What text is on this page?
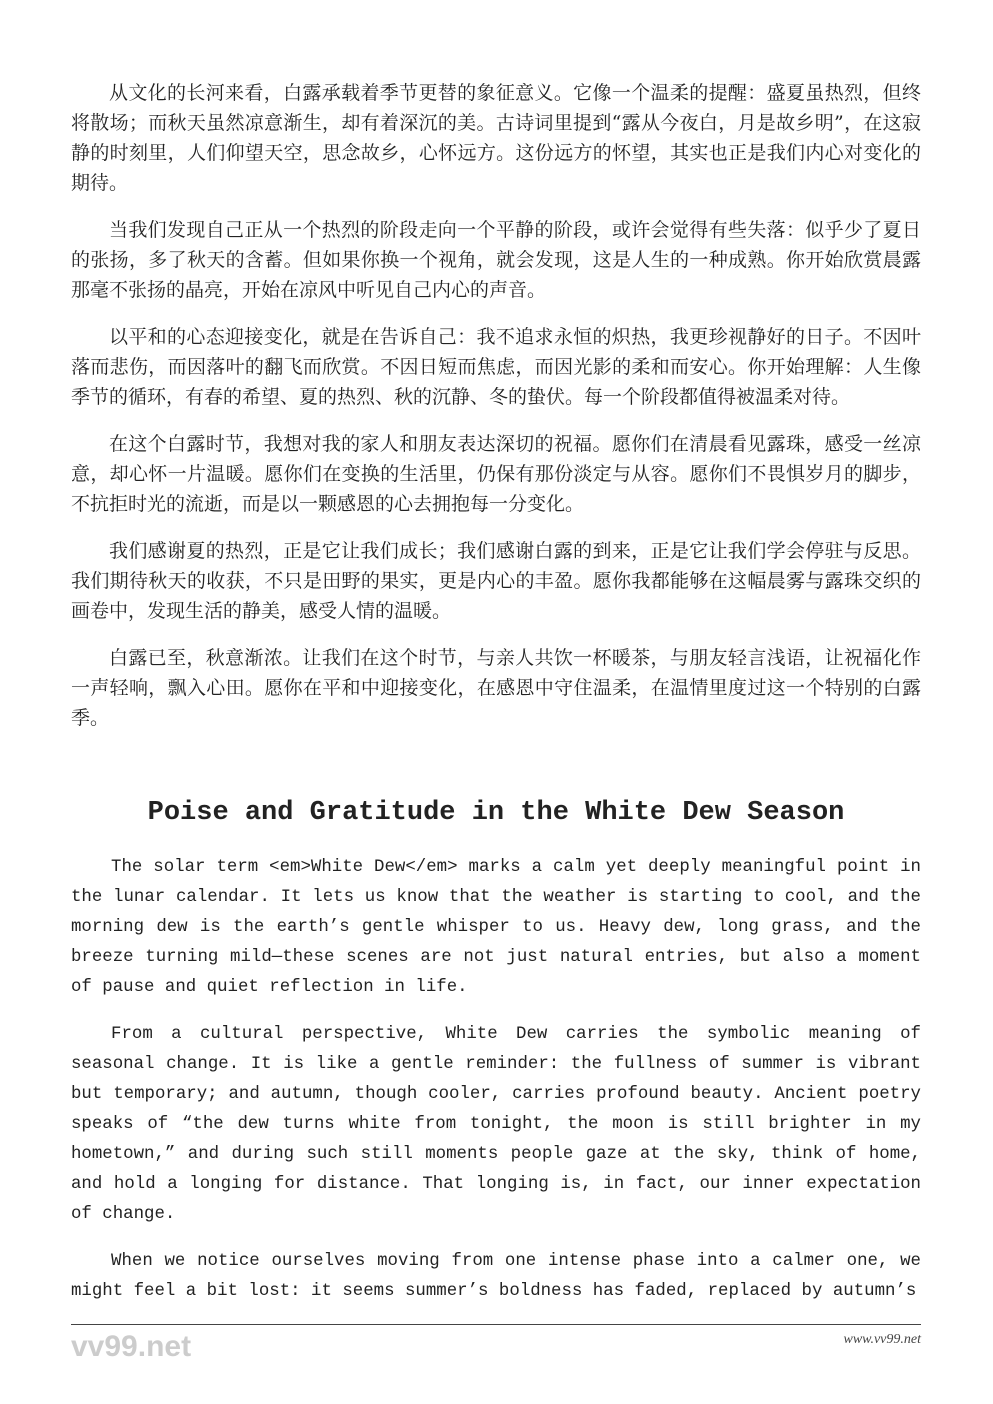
从文化的长河来看，白露承载着季节更替的象征意义。它像一个温柔的提醒：盛夏虽热烈，但终将散场；而秋天虽然凉意渐生，却有着深沉的美。古诗词里提到“露从今夜白，月是故乡明”，在这寂静的时刻里，人们仰望天空，思念故乡，心怀远方。这份远方的怀望，其实也正是我们内心对变化的期待。

当我们发现自己正从一个热烈的阶段走向一个平静的阶段，或许会觉得有些失落：似乎少了夏日的张扬，多了秋天的含蓄。但如果你换一个视角，就会发现，这是人生的一种成熟。你开始欣赏晨露那毫不张扬的晶亮，开始在凉风中听见自己内心的声音。

以平和的心态迎接变化，就是在告诉自己：我不追求永恒的炽热，我更珍视静好的日子。不因叶落而悲伤，而因落叶的翻飞而欣赏。不因日短而焦虑，而因光影的柔和而安心。你开始理解：人生像季节的循环，有春的希望、夏的热烈、秋的沉静、冬的蛰伏。每一个阶段都值得被温柔对待。

在这个白露时节，我想对我的家人和朋友表达深切的祝福。愿你们在清晨看见露珠，感受一丝凉意，却心怀一片温暖。愿你们在变换的生活里，仍保有那份淡定与从容。愿你们不畏惧岁月的脚步，不抗拒时光的流逝，而是以一颗感恩的心去拥抱每一分变化。

我们感谢夏的热烈，正是它让我们成长；我们感谢白露的到来，正是它让我们学会停驻与反思。我们期待秋天的收获，不只是田野的果实，更是内心的丰盈。愿你我都能够在这幅晨雾与露珠交织的画卷中，发现生活的静美，感受人情的温暖。

白露已至，秋意渐浓。让我们在这个时节，与亲人共饮一杯暖茶，与朋友轻言浅语，让祝福化作一声轻响，飘入心田。愿你在平和中迎接变化，在感恩中守住温柔，在温情里度过这一个特别的白露季。

Poise and Gratitude in the White Dew Season

The solar term <em>White Dew</em> marks a calm yet deeply meaningful point in the lunar calendar. It lets us know that the weather is starting to cool, and the morning dew is the earth’s gentle whisper to us. Heavy dew, long grass, and the breeze turning mild—these scenes are not just natural entries, but also a moment of pause and quiet reflection in life.

From a cultural perspective, White Dew carries the symbolic meaning of seasonal change. It is like a gentle reminder: the fullness of summer is vibrant but temporary; and autumn, though cooler, carries profound beauty. Ancient poetry speaks of “the dew turns white from tonight, the moon is still brighter in my hometown,” and during such still moments people gaze at the sky, think of home, and hold a longing for distance. That longing is, in fact, our inner expectation of change.

When we notice ourselves moving from one intense phase into a calmer one, we might feel a bit lost: it seems summer’s boldness has faded, replaced by autumn’s

vv99.net	www.vv99.net
